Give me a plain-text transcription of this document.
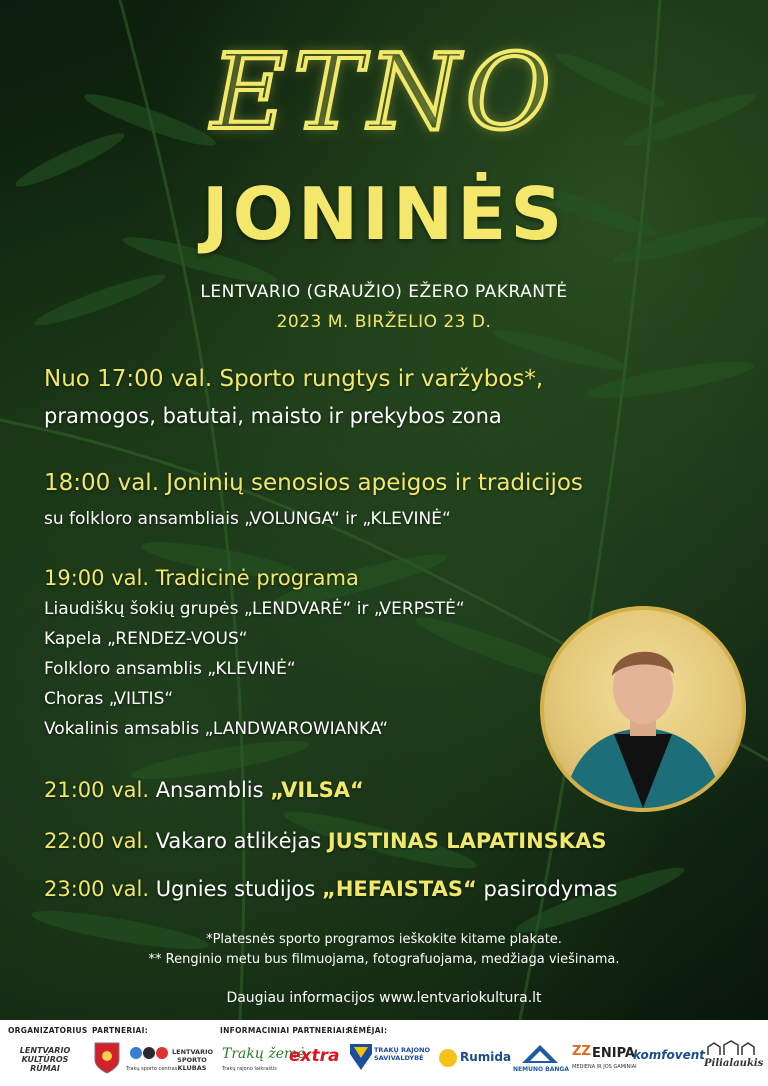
ETNO
JONINĖS
LENTVARIO (GRAUŽIO) EŽERO PAKRANTĖ
2023 M. BIRŽELIO 23 D.
Nuo 17:00 val. Sporto rungtys ir varžybos*,
pramogos, batutai, maisto ir prekybos zona
18:00 val. Joninių senosios apeigos ir tradicijos
su folkloro ansambliais „VOLUNGA“ ir „KLEVINĖ“
19:00 val. Tradicinė programa
Liaudiškų šokių grupės „LENDVARĖ“ ir „VERPSTĖ“
Kapela „RENDEZ-VOUS“
Folkloro ansamblis „KLEVINĖ“
Choras „VILTIS“
Vokalinis amsablis „LANDWAROWIANKA“
21:00 val. Ansamblis „VILSA“
22:00 val. Vakaro atlikėjas JUSTINAS LAPATINSKAS
23:00 val. Ugnies studijos „HEFAISTAS“ pasirodymas
*Platesnės sporto programos ieškokite kitame plakate.
** Renginio metu bus filmuojama, fotografuojama, medžiaga viešinama.
Daugiau informacijos www.lentvariokultura.lt
ORGANIZATORIUS PARTNERIAI:	INFORMACINIAI PARTNERIAI:
RĖMĖJAI:
LENTVARIO KULTŪROS RŪMAI	Trakų sporto centras
LENTVARIO SPORTO KLUBAS
Trakų žemė
Trakų rajono laikraštis
extra	TRAKŲ RAJONO SAVIVALDYBĖ	Rumida
NEMUNO BANGA
ZZ ENIPA
MEDIENA IR JOS GAMINIAI
komfovent
Pilialaukis
